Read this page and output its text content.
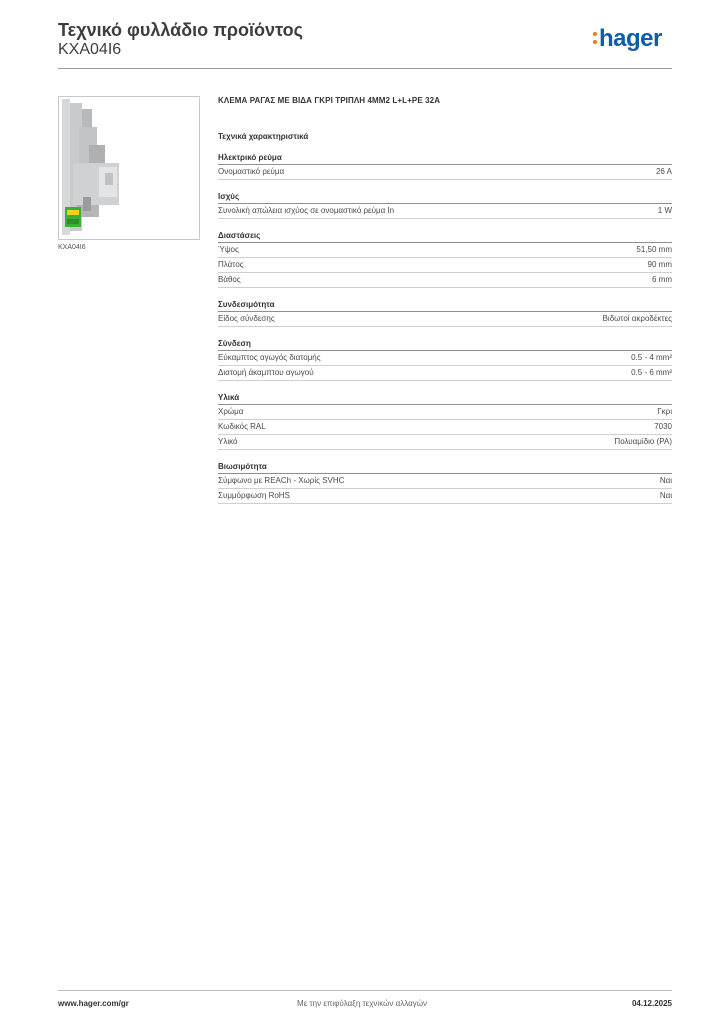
Τεχνικό φυλλάδιο προϊόντος
KXA04I6	hager
KXA04I6
ΚΛΕΜΑ ΡΑΓΑΣ ΜΕ ΒΙΔΑ ΓΚΡΙ ΤΡΙΠΛΗ 4MM2 L+L+PE 32A
Τεχνικά χαρακτηριστικά
Ηλεκτρικό ρεύμα
Ονομαστικό ρεύμα	26 A
Ισχύς
Συνολική απώλεια ισχύος σε ονομαστικό ρεύμα In	1 W
Διαστάσεις
Ύψος	51,50 mm
Πλάτος	90 mm
Βάθος	6 mm
Συνδεσιμότητα
Είδος σύνδεσης	Βιδωτοί ακροδέκτες
Σύνδεση
Εύκαμπτος αγωγός διατομής	0.5 - 4 mm²
Διατομή άκαμπτου αγωγού	0.5 - 6 mm²
Υλικά
Χρώμα	Γκρι
Κωδικός RAL	7030
Υλικό	Πολυαμίδιο (PA)
Βιωσιμότητα
Σύμφωνο με REACh - Χωρίς SVHC	Ναι
Συμμόρφωση RoHS	Ναι
www.hager.com/gr	Με την επιφύλαξη τεχνικών αλλαγών	04.12.2025
